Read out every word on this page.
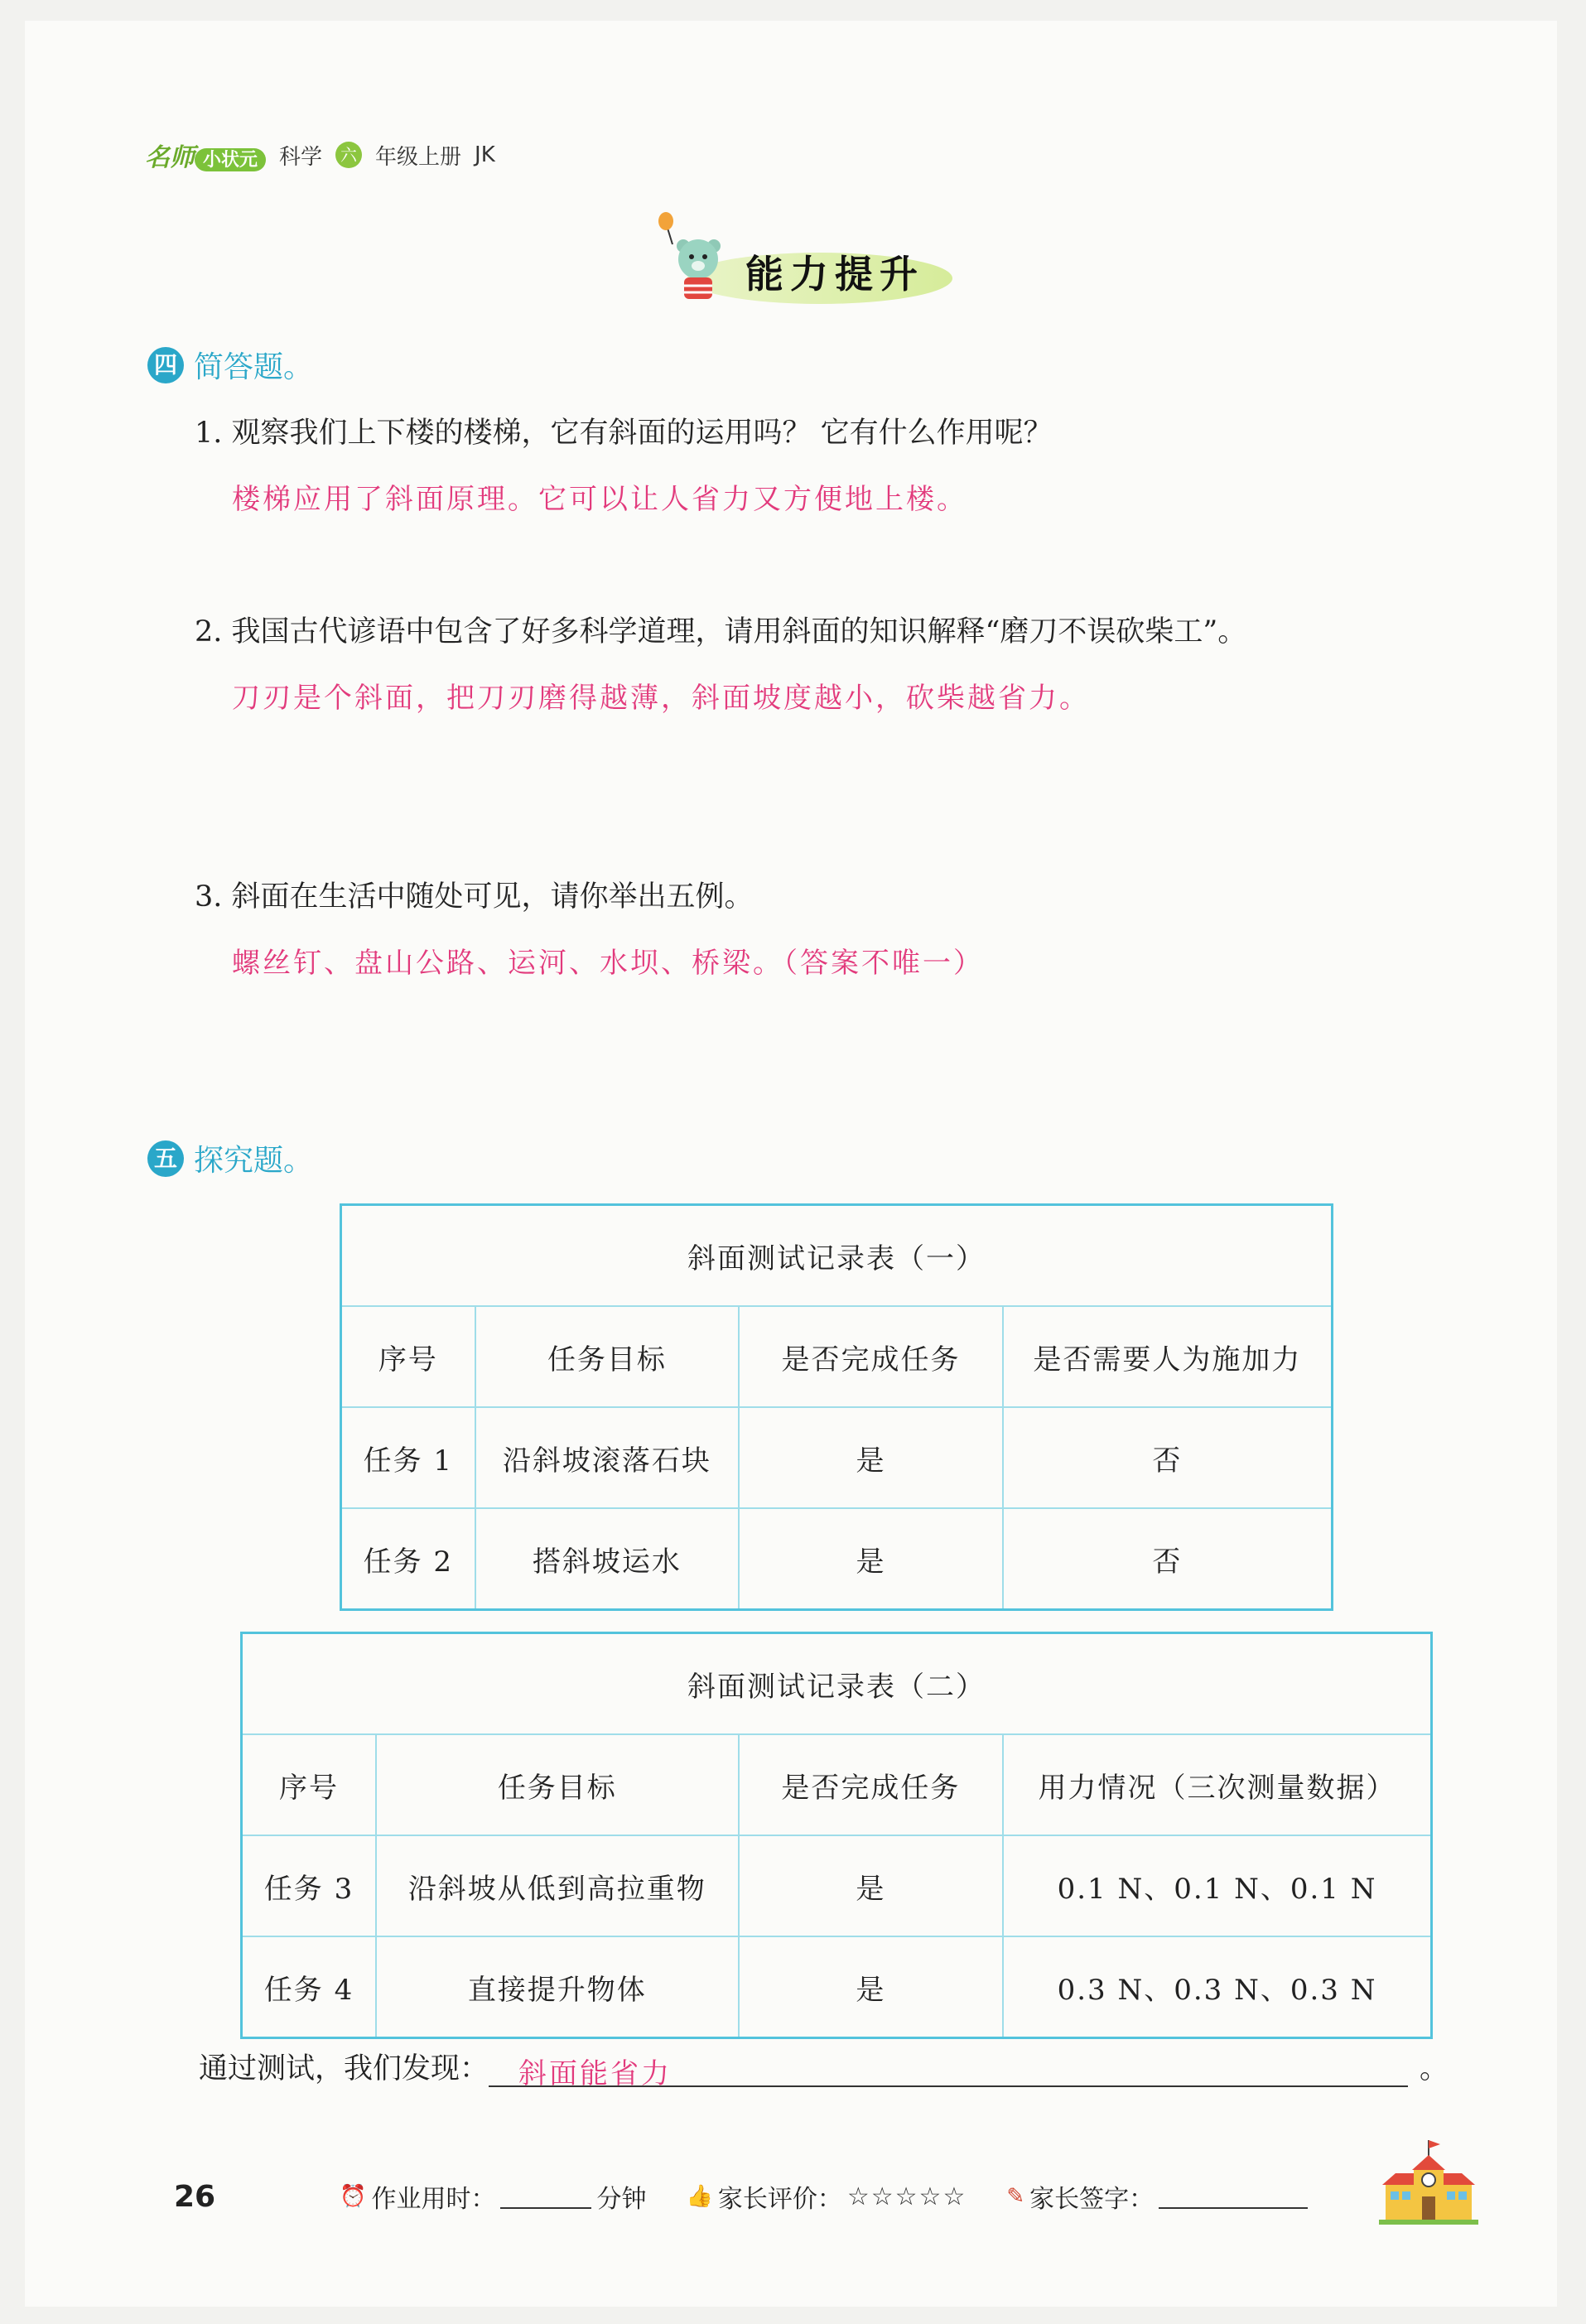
名师 小状元	科学	六 年级上册 JK
能力提升
四 简答题。
1. 观察我们上下楼的楼梯，它有斜面的运用吗？ 它有什么作用呢？
楼梯应用了斜面原理。它可以让人省力又方便地上楼。
2. 我国古代谚语中包含了好多科学道理，请用斜面的知识解释“磨刀不误砍柴工”。
刀刃是个斜面，把刀刃磨得越薄，斜面坡度越小，砍柴越省力。
3. 斜面在生活中随处可见，请你举出五例。
螺丝钉、盘山公路、运河、水坝、桥梁。（答案不唯一）
五 探究题。
斜面测试记录表（一）			
序号	任务目标	是否完成任务	是否需要人为施加力
任务 1	沿斜坡滚落石块	是	否
任务 2	搭斜坡运水	是	否
斜面测试记录表（二）			
序号	任务目标	是否完成任务	用力情况（三次测量数据）
任务 3	沿斜坡从低到高拉重物	是	0.1 N、0.1 N、0.1 N
任务 4	直接提升物体	是	0.3 N、0.3 N、0.3 N
通过测试，我们发现： 斜面能省力	。
26	⏰ 作业用时：	分钟 👍 家长评价： ☆☆☆☆☆ ✎ 家长签字：
